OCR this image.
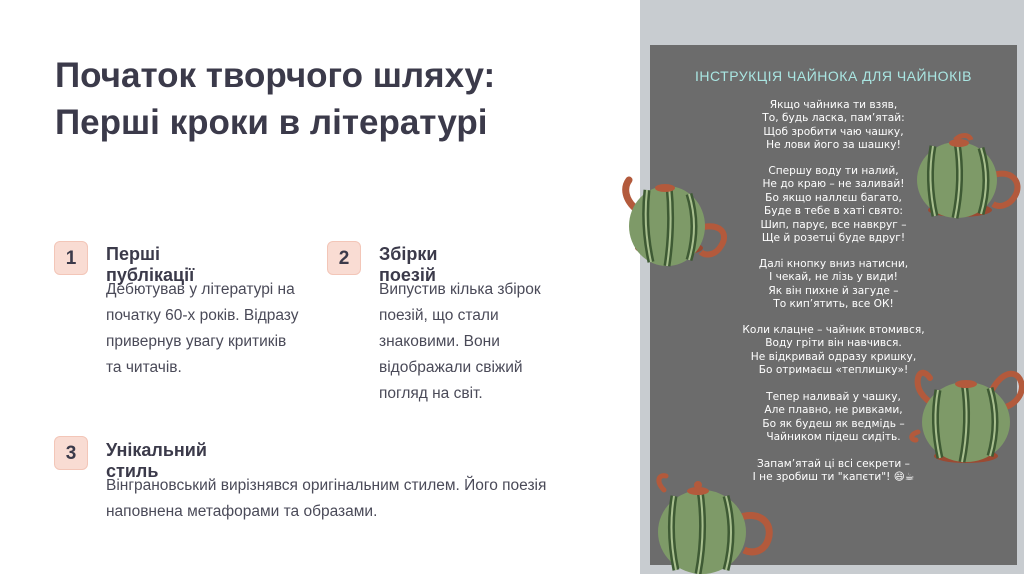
Початок творчого шляху:
Перші кроки в літературі
1	Перші публікації
Дебютував у літературі на
початку 60-х років. Відразу
привернув увагу критиків
та читачів.
2	Збірки поезій
Випустив кілька збірок
поезій, що стали
знаковими. Вони
відображали свіжий
погляд на світ.
3	Унікальний стиль
Вінграновський вирізнявся оригінальним стилем. Його поезія
наповнена метафорами та образами.
ІНСТРУКЦІЯ ЧАЙНОКА ДЛЯ ЧАЙНОКІВ
Якщо чайника ти взяв,
То, будь ласка, пам’ятай:
Щоб зробити чаю чашку,
Не лови його за шашку!
Спершу воду ти налий,
Не до краю – не заливай!
Бо якщо наллєш багато,
Буде в тебе в хаті свято:
Шип, парує, все навкруг –
Ще й розетці буде вдруг!
Далі кнопку вниз натисни,
І чекай, не лізь у види!
Як він пихне й загуде –
То кип’ятить, все ОК!
Коли клацне – чайник втомився,
Воду гріти він навчився.
Не відкривай одразу кришку,
Бо отримаєш «теплишку»!
Тепер наливай у чашку,
Але плавно, не ривками,
Бо як будеш як ведмідь –
Чайником підеш сидіть.
Запам’ятай ці всі секрети –
І не зробиш ти "капєти"! 😄☕
